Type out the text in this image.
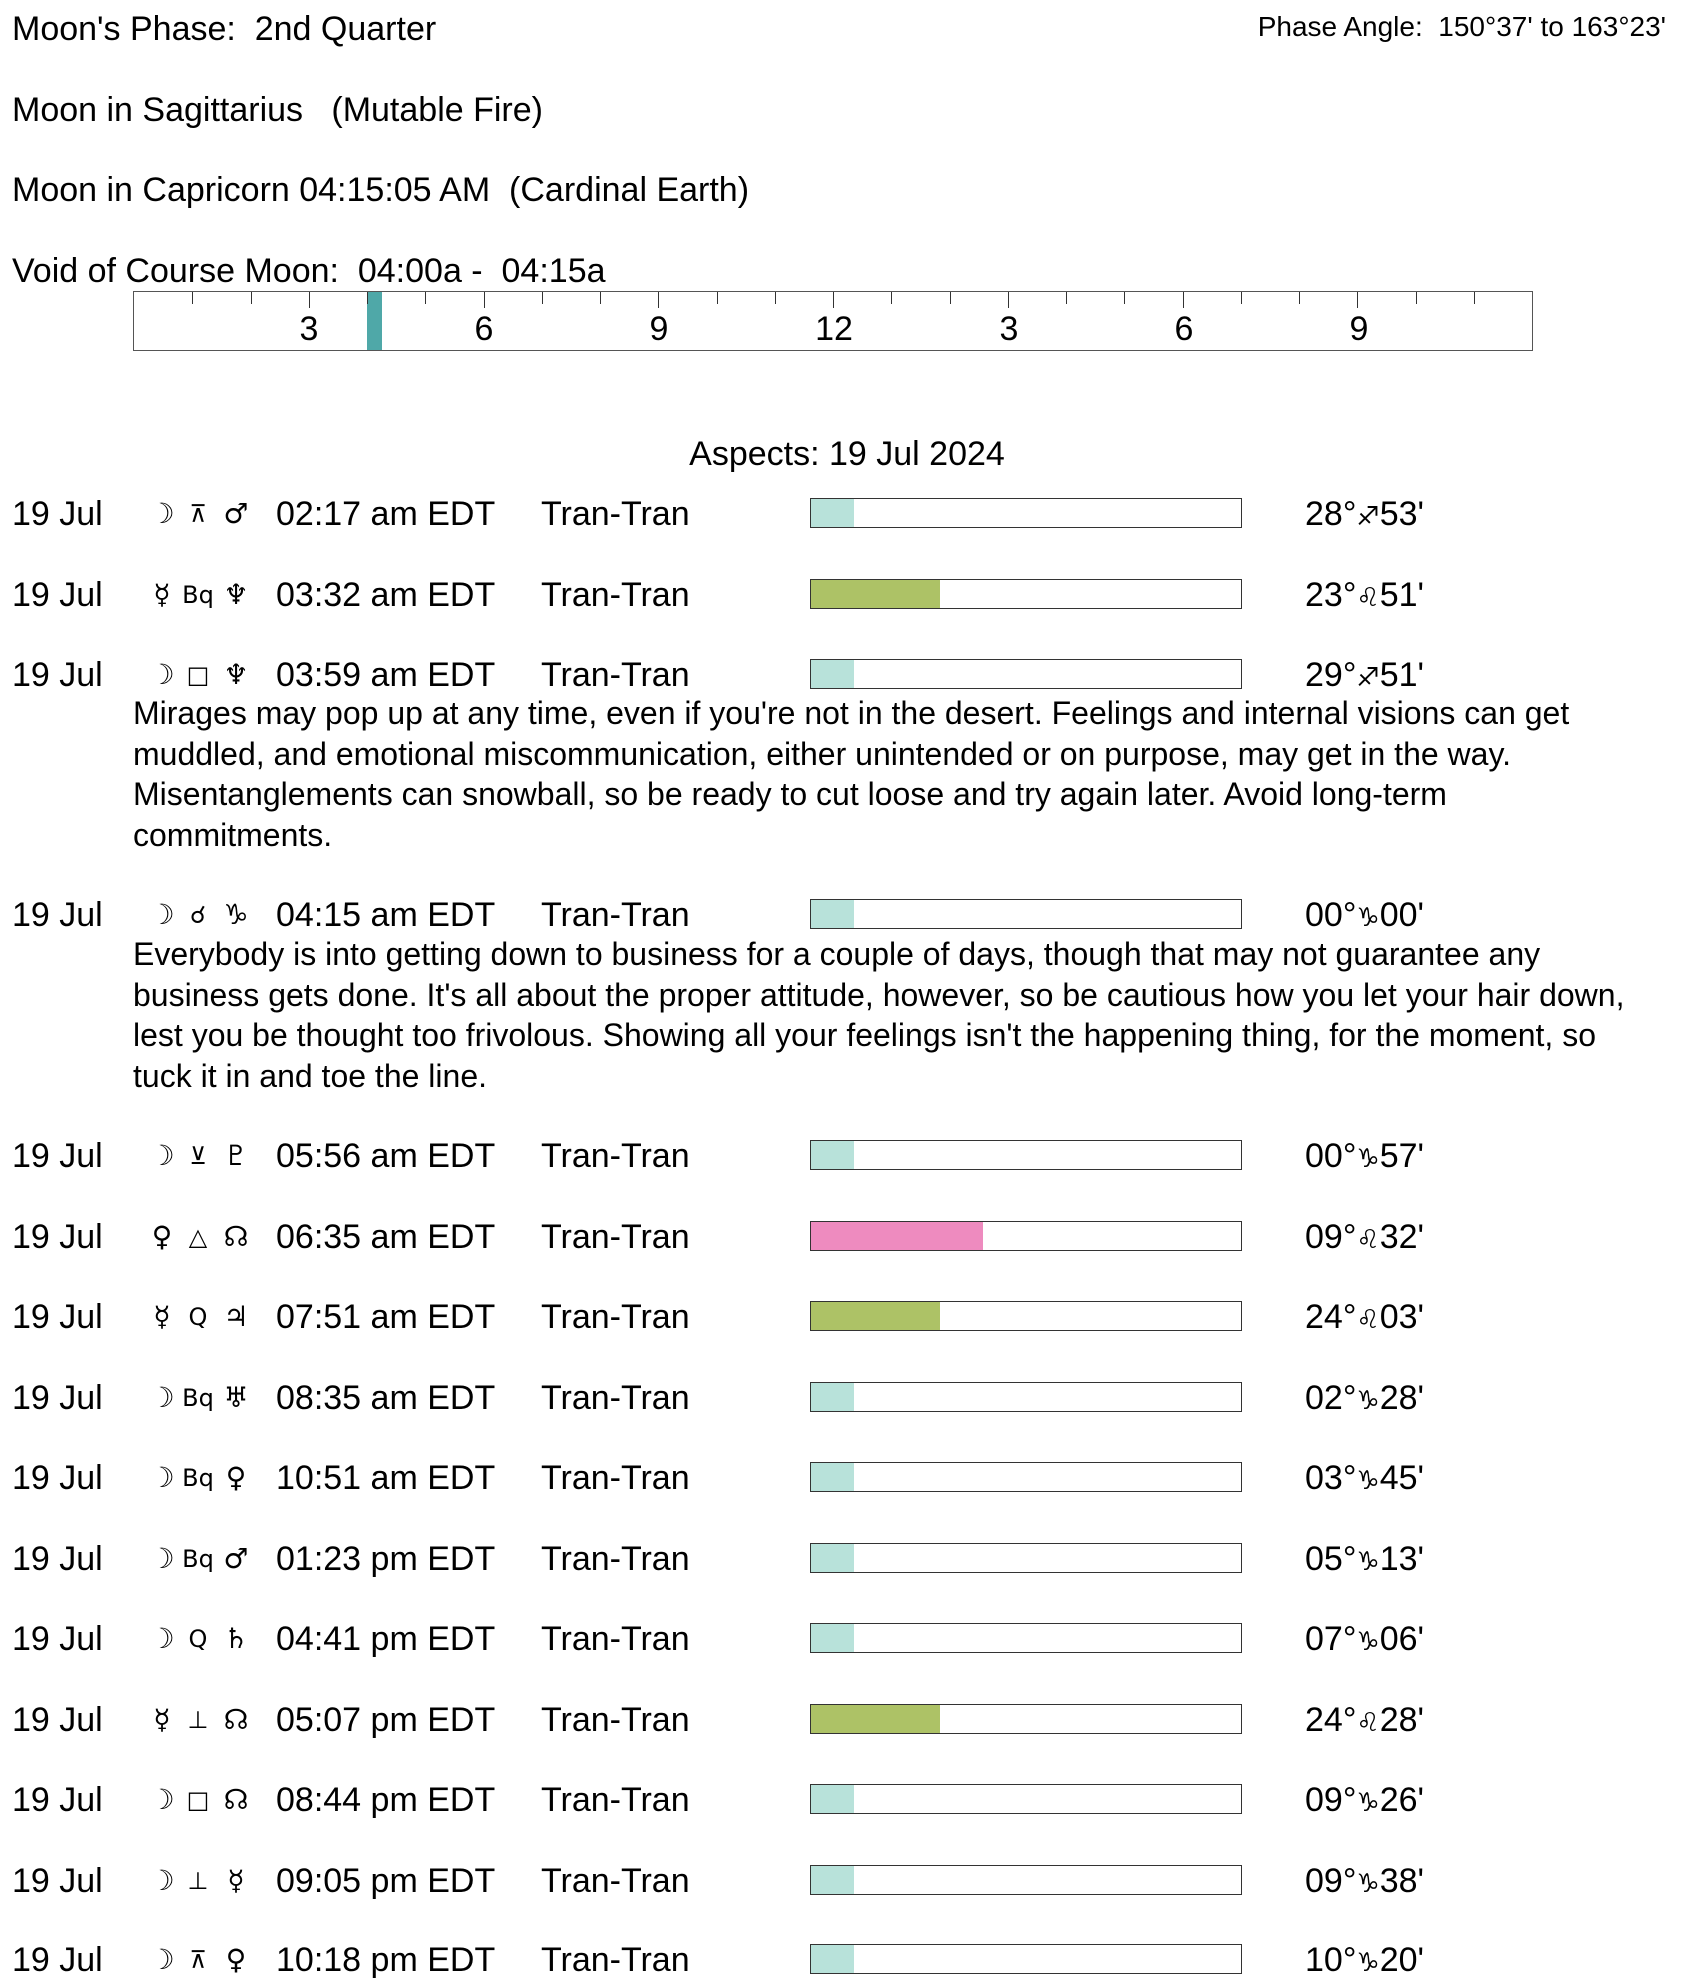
Moon's Phase:  2nd Quarter	Phase Angle:  150°37' to 163°23'
Moon in Sagittarius   (Mutable Fire)
Moon in Capricorn 04:15:05 AM  (Cardinal Earth)
Void of Course Moon:  04:00a -  04:15a
3	6	9	12	3	6	9
Aspects: 19 Jul 2024
19 Jul ☽ ⊼ ♂ 02:17 am EDT Tran-Tran	28°♐53'
19 Jul ☿ Bq ♆ 03:32 am EDT Tran-Tran	23°♌51'
19 Jul ☽ □ ♆ 03:59 am EDT Tran-Tran	29°♐51'
Mirages may pop up at any time, even if you're not in the desert. Feelings and internal visions can get muddled, and emotional miscommunication, either unintended or on purpose, may get in the way. Misentanglements can snowball, so be ready to cut loose and try again later. Avoid long-term commitments.
19 Jul ☽ ☌ ♑ 04:15 am EDT Tran-Tran	00°♑00'
Everybody is into getting down to business for a couple of days, though that may not guarantee any business gets done. It's all about the proper attitude, however, so be cautious how you let your hair down, lest you be thought too frivolous. Showing all your feelings isn't the happening thing, for the moment, so tuck it in and toe the line.
19 Jul ☽ ⊻ ♇ 05:56 am EDT Tran-Tran	00°♑57'
19 Jul ♀ △ ☊ 06:35 am EDT Tran-Tran	09°♌32'
19 Jul ☿ Q ♃ 07:51 am EDT Tran-Tran	24°♌03'
19 Jul ☽ Bq ♅ 08:35 am EDT Tran-Tran	02°♑28'
19 Jul ☽ Bq ♀ 10:51 am EDT Tran-Tran	03°♑45'
19 Jul ☽ Bq ♂ 01:23 pm EDT Tran-Tran	05°♑13'
19 Jul ☽ Q ♄ 04:41 pm EDT Tran-Tran	07°♑06'
19 Jul ☿ ⊥ ☊ 05:07 pm EDT Tran-Tran	24°♌28'
19 Jul ☽ □ ☊ 08:44 pm EDT Tran-Tran	09°♑26'
19 Jul ☽ ⊥ ☿ 09:05 pm EDT Tran-Tran	09°♑38'
19 Jul ☽ ⊼ ♀ 10:18 pm EDT Tran-Tran	10°♑20'
